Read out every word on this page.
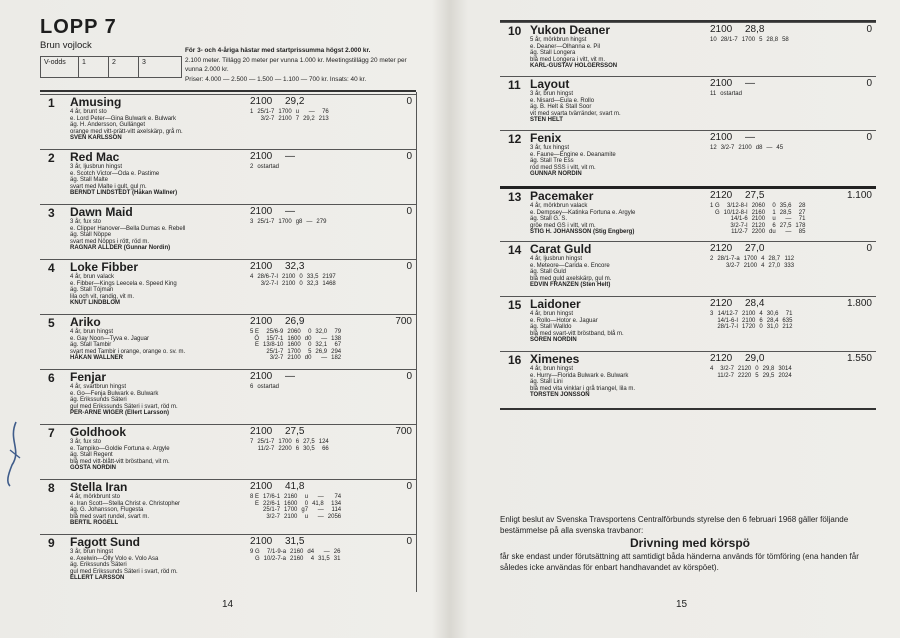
LOPP 7
Brun vojlock
V-odds	1	2	3
För 3- och 4-åriga hästar med startprissumma högst 2.000 kr.
2.100 meter. Tillägg 20 meter per vunna 1.000 kr. Meetingstillägg 20 meter per vunna 2.000 kr.
Priser: 4.000 — 2.500 — 1.500 — 1.100 — 700 kr. Insats: 40 kr.
1 Amusing	2100 29,2	0
4 år, brunt sto
e. Lord Peter—Gina Bulwark e. Bulwark
äg. H. Andersson, Gullänget
orange med vitt-prätt-vitt axelskärp, grå m.
SVEN KARLSSON
1	25/1-7	1700	u	—	76
	3/2-7	2100	7	29,2	213
2 Red Mac	2100 —	0
3 år, ljusbrun hingst
e. Scotch Victor—Oda e. Pastime
äg. Stall Malte
svart med Malte i gult, gul m.
BERNDT LINDSTEDT (Håkan Wallner)
2	ostartad				
3 Dawn Maid	2100 —	0
3 år, fux sto
e. Clipper Hanover—Bella Dumas e. Rebell
äg. Stall Nöppe
svart med Nöpps i rött, röd m.
RAGNAR ALLDER (Gunnar Nordin)
3	25/1-7	1700	g8	—	279
4 Loke Fibber	2100 32,3	0
4 år, brun valack
e. Fibber—Kings Leecela e. Speed King
äg. Stall Tójman
lila och vit, randig, vit m.
KNUT LINDBLOM
4	28/6-7-I	2100	0	33,5	2197
	3/2-7-I	2100	0	32,3	1468
5 Ariko	2100 26,9	700
4 år, brun hingst
e. Gay Noon—Tyva e. Jaguar
äg. Stall Tambir
svart med Tambir i orange, orange o. sv. m.
HÅKAN WALLNER
5 E	25/6-9	2060	0	32,0	79
Ö	15/7-1	1600	d0	—	138
E	13/8-10	1600	0	32,1	67
	25/1-7	1700	5	26,9	294
	3/2-7	2100	d0	—	182
6 Fenjar	2100 —	0
4 år, svartbrun hingst
e. Go—Fenja Bulwark e. Bulwark
äg. Erikssunds Säteri
gul med Erikssunds Säteri i svart, röd m.
PER-ARNE WIGER (Ellert Larsson)
6	ostartad				
7 Goldhook	2100 27,5	700
3 år, fux sto
e. Tampiko—Goldie Fortuna e. Argyle
äg. Stall Regent
blå med vitt-blått-vitt bröstband, vit m.
GÖSTA NORDIN
7	25/1-7	1700	6	27,5	124
	11/2-7	2200	6	30,5	66
8 Stella Iran	2100 41,8	0
4 år, mörkbrunt sto
e. Iran Scott—Stella Christ e. Christopher
äg. G. Johansson, Flugesta
blå med svart rundel, svart m.
BERTIL ROGELL
8 E	17/6-1	2160	u	—	74
E	22/6-1	1600	0	41,8	134
	25/1-7	1700	g7	—	114
	3/2-7	2100	u	—	2056
9 Fagott Sund	2100 31,5	0
3 år, brun hingst
e. Axelwin—Olly Volo e. Volo Asa
äg. Erikssunds Säteri
gul med Erikssunds Säteri i svart, röd m.
ELLERT LARSSON
9 G	7/1-9-a	2160	d4	—	26
G	10/2-7-a	2160	4	31,5	31
14
10 Yukon Deaner	2100 28,8	0
5 år, mörkbrun hingst
e. Deaner—Olhanna e. Pil
äg. Stall Longera
blå med Longera i vitt, vit m.
KARL-GUSTAV HOLGERSSON
10	28/1-7	1700	5	28,8	58
11 Layout	2100 —	0
3 år, brun hingst
e. Nisard—Eula e. Rollo
äg. B. Helt & Stall Soor
vit med svarta tvärränder, svart m.
STEN HELT
11	ostartad				
12 Fenix	2100 —	0
3 år, fux hingst
e. Faune—Engine e. Deanamite
äg. Stall Tre Ess
röd med SSS i vitt, vit m.
GUNNAR NORDIN
12	3/2-7	2100	d8	—	45
13 Pacemaker	2120 27,5	1.100
4 år, mörkbrun valack
e. Dempsey—Katinka Fortuna e. Argyle
äg. Stall G. S.
gröe med GS i vitt, vit m.
STIG H. JOHANSSON (Stig Engberg)
1 G	3/12-8-I	2060	0	35,6	28
G	10/12-8-I	2160	1	28,5	27
	14/1-6	2100	u	—	71
	3/2-7-I	2120	6	27,5	178
	11/2-7	2200	du	—	85
14 Carat Guld	2120 27,0	0
4 år, ljusbrun hingst
e. Meteore—Carida e. Encore
äg. Stall Guld
blå med guld axelskärp, gul m.
EDVIN FRANZEN (Sten Helt)
2	28/1-7-a	1700	4	28,7	112
	3/2-7	2100	4	27,0	333
15 Laidoner	2120 28,4	1.800
4 år, brun hingst
e. Rollo—Hotor e. Jaguar
äg. Stall Walldo
blå med svart-vitt bröstband, blå m.
SÖREN NORDIN
3	14/12-7	2100	4	30,6	71
	14/1-6-I	2100	6	28,4	635
	28/1-7-I	1720	0	31,0	212
16 Ximenes	2120 29,0	1.550
4 år, brun hingst
e. Hurry—Florida Bulwark e. Bulwark
äg. Stall Lini
blå med vita vinklar i grå triangel, lila m.
TORSTEN JONSSON
4	3/2-7	2120	0	29,8	3014
	11/2-7	2220	5	29,5	2024

Enligt beslut av Svenska Travsportens Centralförbunds styrelse den 6 februari 1968 gäller följande bestämmelse på alla svenska travbanor:

Drivning med körspö

får ske endast under förutsättning att samtidigt båda händerna används för tömföring (ena handen får således icke användas för enbart handhavandet av körspöet).

15
